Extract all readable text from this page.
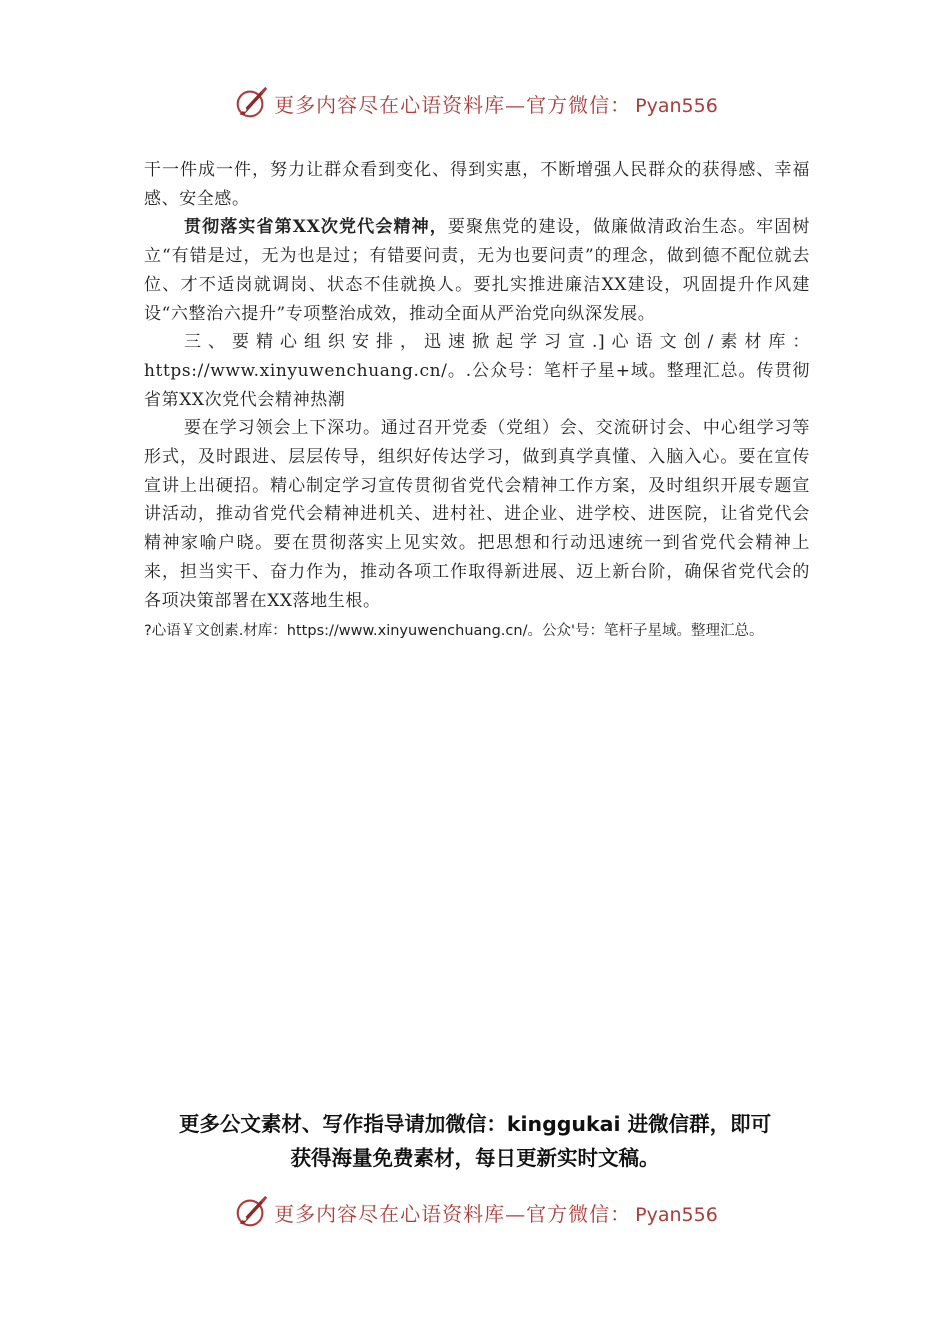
更多内容尽在心语资料库—官方微信： Pyan556

干一件成一件，努力让群众看到变化、得到实惠，不断增强人民群众的获得感、幸福感、安全感。

贯彻落实省第XX次党代会精神，要聚焦党的建设，做廉做清政治生态。牢固树立“有错是过，无为也是过；有错要问责，无为也要问责”的理念，做到德不配位就去位、才不适岗就调岗、状态不佳就换人。要扎实推进廉洁XX建设，巩固提升作风建设“六整治六提升”专项整治成效，推动全面从严治党向纵深发展。

三、要精心组织安排，迅速掀起学习宣.]心语文创/素材库：https://www.xinyuwenchuang.cn/。.公众号：笔杆子星+域。整理汇总。传贯彻省第XX次党代会精神热潮

要在学习领会上下深功。通过召开党委（党组）会、交流研讨会、中心组学习等形式，及时跟进、层层传导，组织好传达学习，做到真学真懂、入脑入心。要在宣传宣讲上出硬招。精心制定学习宣传贯彻省党代会精神工作方案，及时组织开展专题宣讲活动，推动省党代会精神进机关、进村社、进企业、进学校、进医院，让省党代会精神家喻户晓。要在贯彻落实上见实效。把思想和行动迅速统一到省党代会精神上来，担当实干、奋力作为，推动各项工作取得新进展、迈上新台阶，确保省党代会的各项决策部署在XX落地生根。

?心语￥文创素.材库：https://www.xinyuwenchuang.cn/。公众'号：笔杆子星域。整理汇总。

更多公文素材、写作指导请加微信：kinggukai 进微信群，即可

获得海量免费素材，每日更新实时文稿。

更多内容尽在心语资料库—官方微信： Pyan556
